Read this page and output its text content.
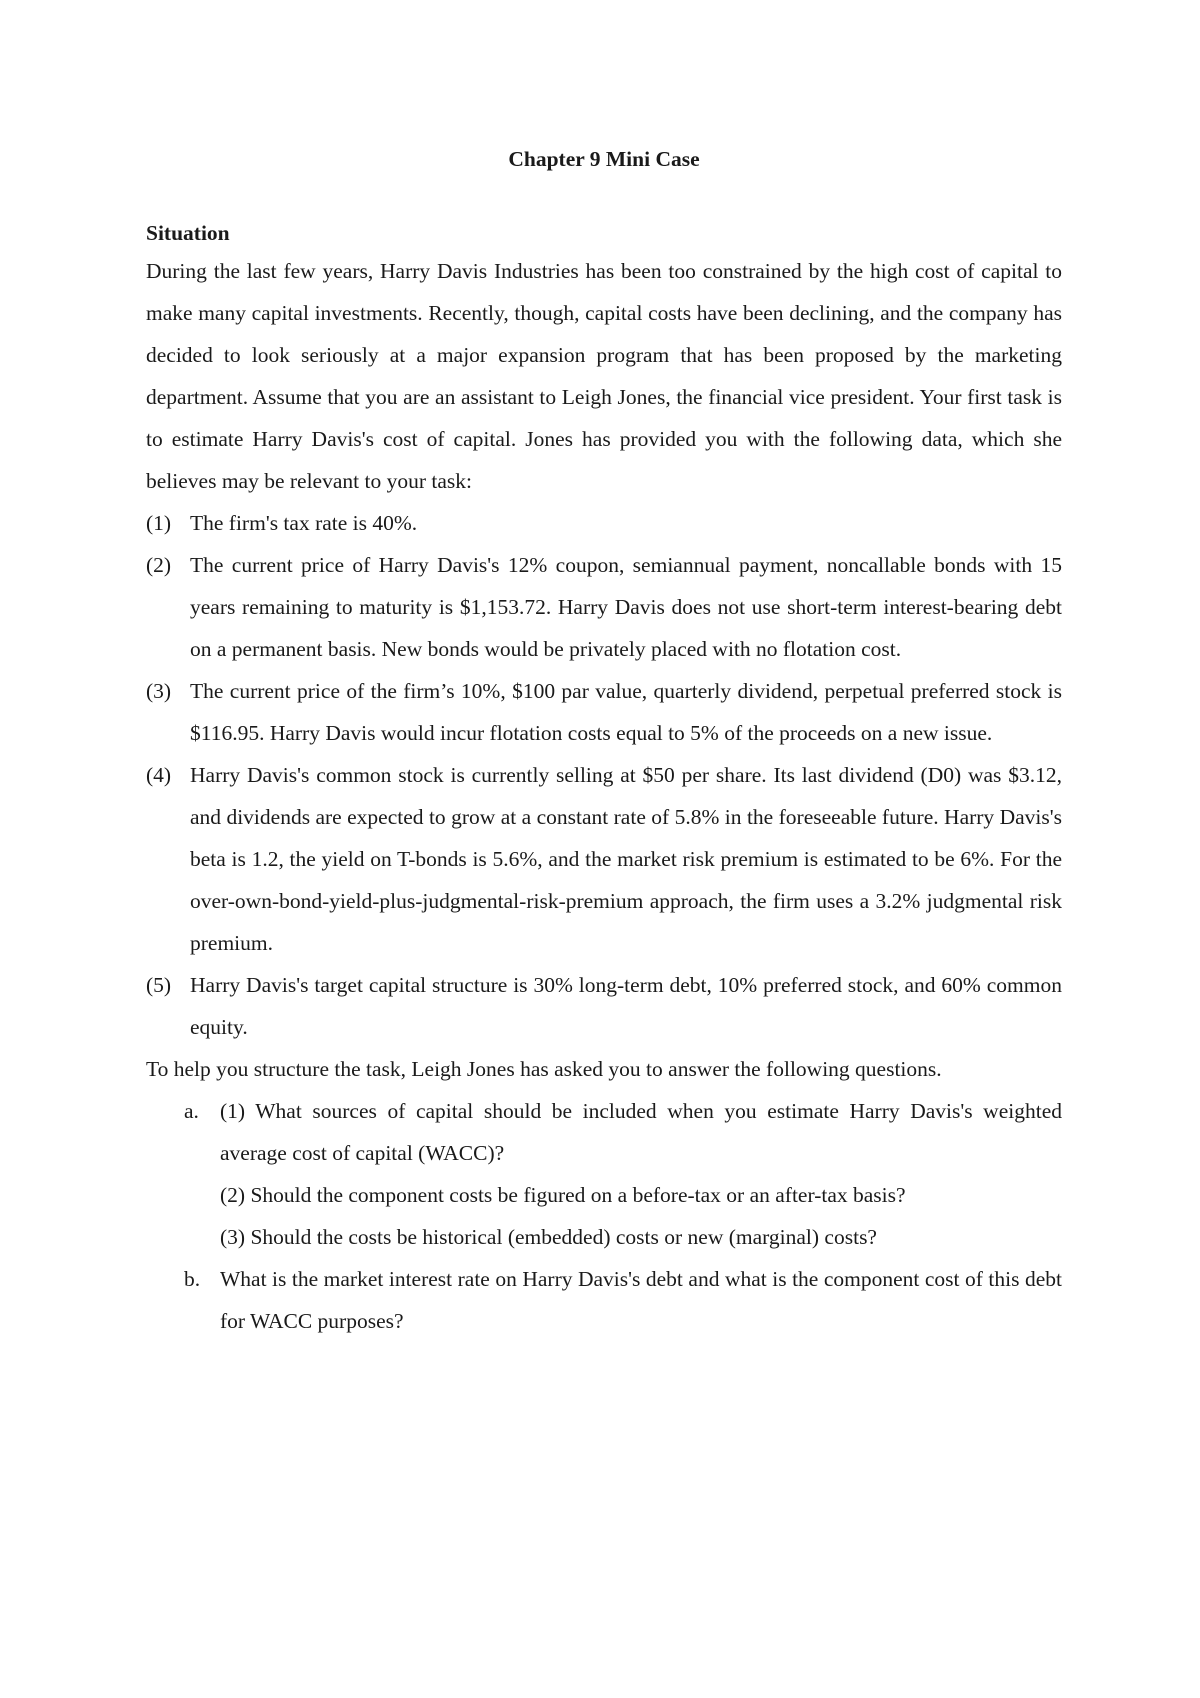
Chapter 9 Mini Case
Situation

During the last few years, Harry Davis Industries has been too constrained by the high cost of capital to make many capital investments. Recently, though, capital costs have been declining, and the company has decided to look seriously at a major expansion program that has been proposed by the marketing department. Assume that you are an assistant to Leigh Jones, the financial vice president. Your first task is to estimate Harry Davis's cost of capital. Jones has provided you with the following data, which she believes may be relevant to your task:

(1) The firm's tax rate is 40%.
(2) The current price of Harry Davis's 12% coupon, semiannual payment, noncallable bonds with 15 years remaining to maturity is $1,153.72. Harry Davis does not use short-term interest-bearing debt on a permanent basis. New bonds would be privately placed with no flotation cost.
(3) The current price of the firm’s 10%, $100 par value, quarterly dividend, perpetual preferred stock is $116.95. Harry Davis would incur flotation costs equal to 5% of the proceeds on a new issue.
(4) Harry Davis's common stock is currently selling at $50 per share. Its last dividend (D0) was $3.12, and dividends are expected to grow at a constant rate of 5.8% in the foreseeable future. Harry Davis's beta is 1.2, the yield on T-bonds is 5.6%, and the market risk premium is estimated to be 6%. For the over-own-bond-yield-plus-judgmental-risk-premium approach, the firm uses a 3.2% judgmental risk premium.
(5) Harry Davis's target capital structure is 30% long-term debt, 10% preferred stock, and 60% common equity.

To help you structure the task, Leigh Jones has asked you to answer the following questions.

a. (1) What sources of capital should be included when you estimate Harry Davis's weighted average cost of capital (WACC)?
(2) Should the component costs be figured on a before-tax or an after-tax basis?
(3) Should the costs be historical (embedded) costs or new (marginal) costs?
b. What is the market interest rate on Harry Davis's debt and what is the component cost of this debt for WACC purposes?
